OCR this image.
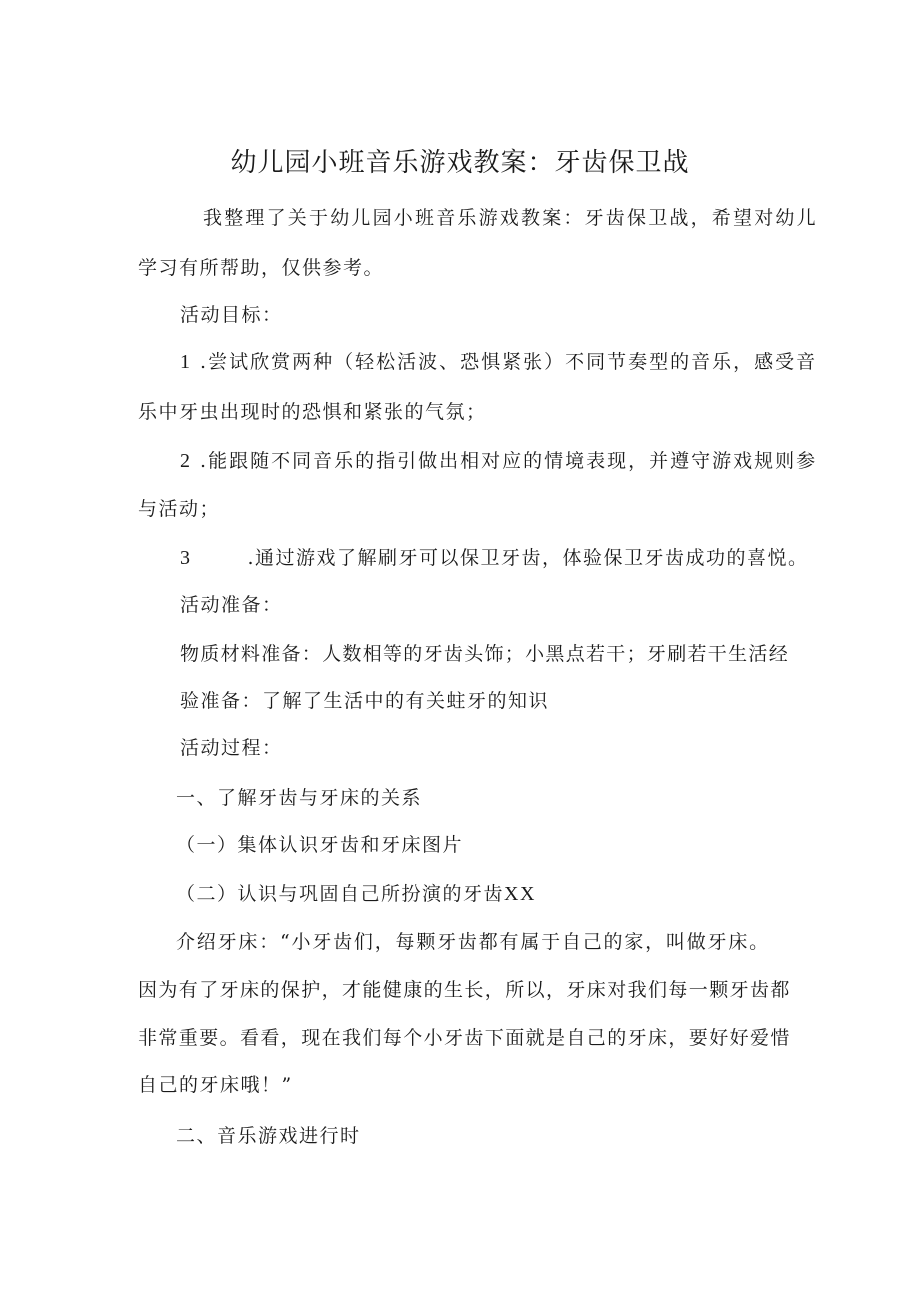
幼儿园小班音乐游戏教案：牙齿保卫战

我整理了关于幼儿园小班音乐游戏教案：牙齿保卫战，希望对幼儿

学习有所帮助，仅供参考。

活动目标：

1 .尝试欣赏两种（轻松活波、恐惧紧张）不同节奏型的音乐，感受音

乐中牙虫出现时的恐惧和紧张的气氛；

2 .能跟随不同音乐的指引做出相对应的情境表现，并遵守游戏规则参

与活动；

3	.通过游戏了解刷牙可以保卫牙齿，体验保卫牙齿成功的喜悦。

活动准备：

物质材料准备：人数相等的牙齿头饰；小黑点若干；牙刷若干生活经

验准备：了解了生活中的有关蛀牙的知识

活动过程：

一、了解牙齿与牙床的关系

（一）集体认识牙齿和牙床图片

（二）认识与巩固自己所扮演的牙齿XX

介绍牙床：“小牙齿们，每颗牙齿都有属于自己的家，叫做牙床。

因为有了牙床的保护，才能健康的生长，所以，牙床对我们每一颗牙齿都

非常重要。看看，现在我们每个小牙齿下面就是自己的牙床，要好好爱惜

自己的牙床哦！”

二、音乐游戏进行时
